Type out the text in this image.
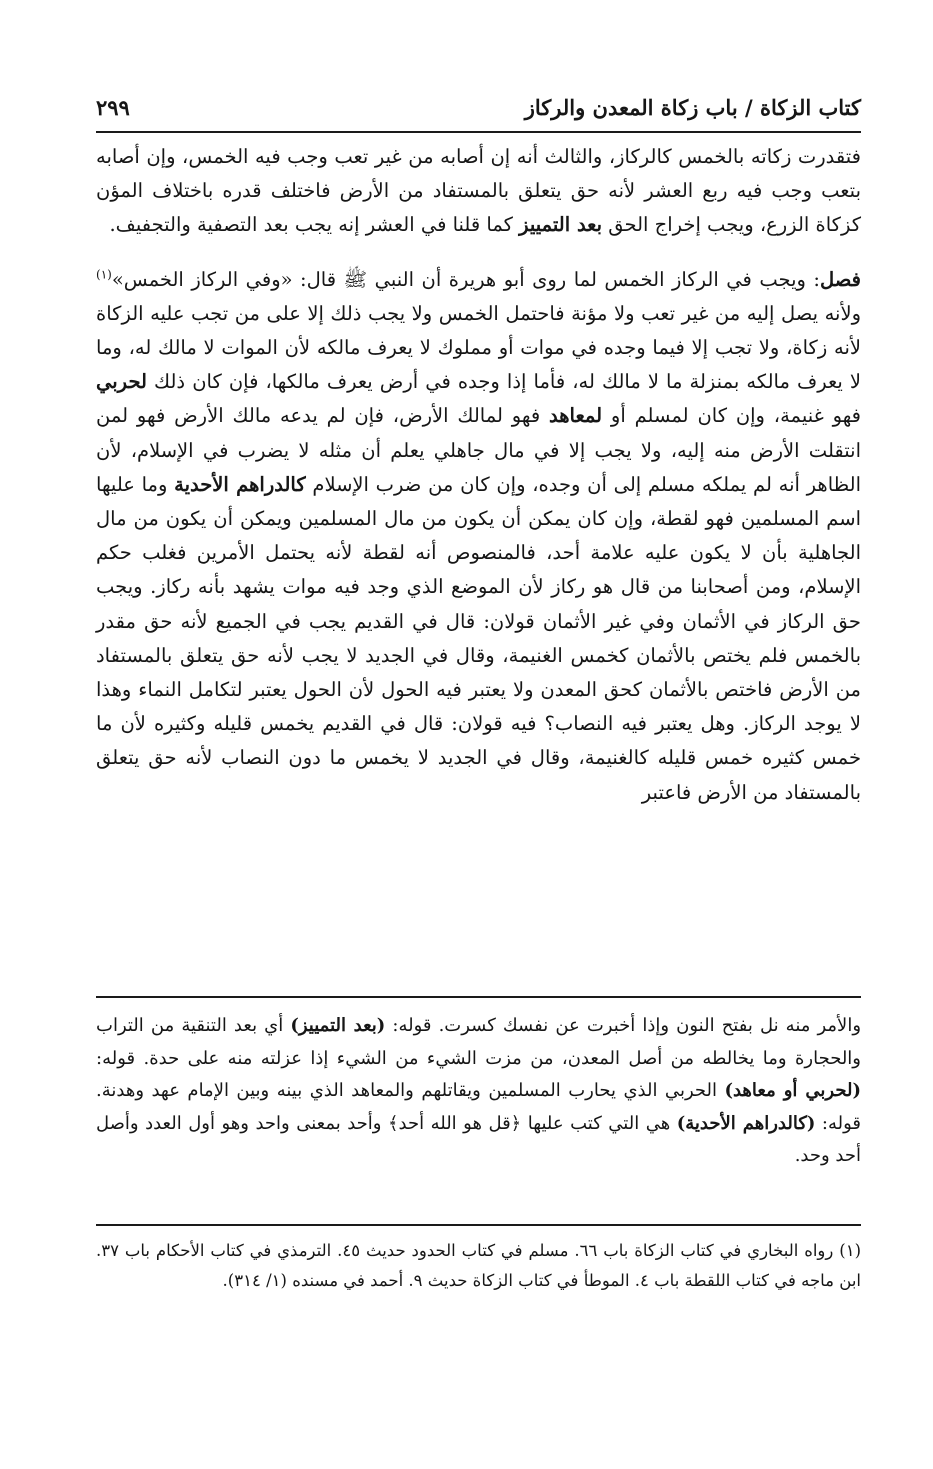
كتاب الزكاة / باب زكاة المعدن والركاز
٢٩٩

فتقدرت زكاته بالخمس كالركاز، والثالث أنه إن أصابه من غير تعب وجب فيه الخمس، وإن أصابه بتعب وجب فيه ربع العشر لأنه حق يتعلق بالمستفاد من الأرض فاختلف قدره باختلاف المؤن كزكاة الزرع، ويجب إخراج الحق بعد التمييز كما قلنا في العشر إنه يجب بعد التصفية والتجفيف.

فصل: ويجب في الركاز الخمس لما روى أبو هريرة أن النبي ﷺ قال: «وفي الركاز الخمس»$^{(١)}$ ولأنه يصل إليه من غير تعب ولا مؤنة فاحتمل الخمس ولا يجب ذلك إلا على من تجب عليه الزكاة لأنه زكاة، ولا تجب إلا فيما وجده في موات أو مملوك لا يعرف مالكه لأن الموات لا مالك له، وما لا يعرف مالكه بمنزلة ما لا مالك له، فأما إذا وجده في أرض يعرف مالكها، فإن كان ذلك لحربي فهو غنيمة، وإن كان لمسلم أو لمعاهد فهو لمالك الأرض، فإن لم يدعه مالك الأرض فهو لمن انتقلت الأرض منه إليه، ولا يجب إلا في مال جاهلي يعلم أن مثله لا يضرب في الإسلام، لأن الظاهر أنه لم يملكه مسلم إلى أن وجده، وإن كان من ضرب الإسلام كالدراهم الأحدية وما عليها اسم المسلمين فهو لقطة، وإن كان يمكن أن يكون من مال المسلمين ويمكن أن يكون من مال الجاهلية بأن لا يكون عليه علامة أحد، فالمنصوص أنه لقطة لأنه يحتمل الأمرين فغلب حكم الإسلام، ومن أصحابنا من قال هو ركاز لأن الموضع الذي وجد فيه موات يشهد بأنه ركاز. ويجب حق الركاز في الأثمان وفي غير الأثمان قولان: قال في القديم يجب في الجميع لأنه حق مقدر بالخمس فلم يختص بالأثمان كخمس الغنيمة، وقال في الجديد لا يجب لأنه حق يتعلق بالمستفاد من الأرض فاختص بالأثمان كحق المعدن ولا يعتبر فيه الحول لأن الحول يعتبر لتكامل النماء وهذا لا يوجد الركاز. وهل يعتبر فيه النصاب؟ فيه قولان: قال في القديم يخمس قليله وكثيره لأن ما خمس كثيره خمس قليله كالغنيمة، وقال في الجديد لا يخمس ما دون النصاب لأنه حق يتعلق بالمستفاد من الأرض فاعتبر

والأمر منه نل بفتح النون وإذا أخبرت عن نفسك كسرت. قوله: (بعد التمييز) أي بعد التنقية من التراب والحجارة وما يخالطه من أصل المعدن، من مزت الشيء من الشيء إذا عزلته منه على حدة. قوله: (لحربي أو معاهد) الحربي الذي يحارب المسلمين ويقاتلهم والمعاهد الذي بينه وبين الإمام عهد وهدنة. قوله: (كالدراهم الأحدية) هي التي كتب عليها ﴿قل هو الله أحد﴾ وأحد بمعنى واحد وهو أول العدد وأصل أحد وحد.

(١) رواه البخاري في كتاب الزكاة باب ٦٦. مسلم في كتاب الحدود حديث ٤٥. الترمذي في كتاب الأحكام باب ٣٧. ابن ماجه في كتاب اللقطة باب ٤. الموطأ في كتاب الزكاة حديث ٩. أحمد في مسنده (١/ ٣١٤).
